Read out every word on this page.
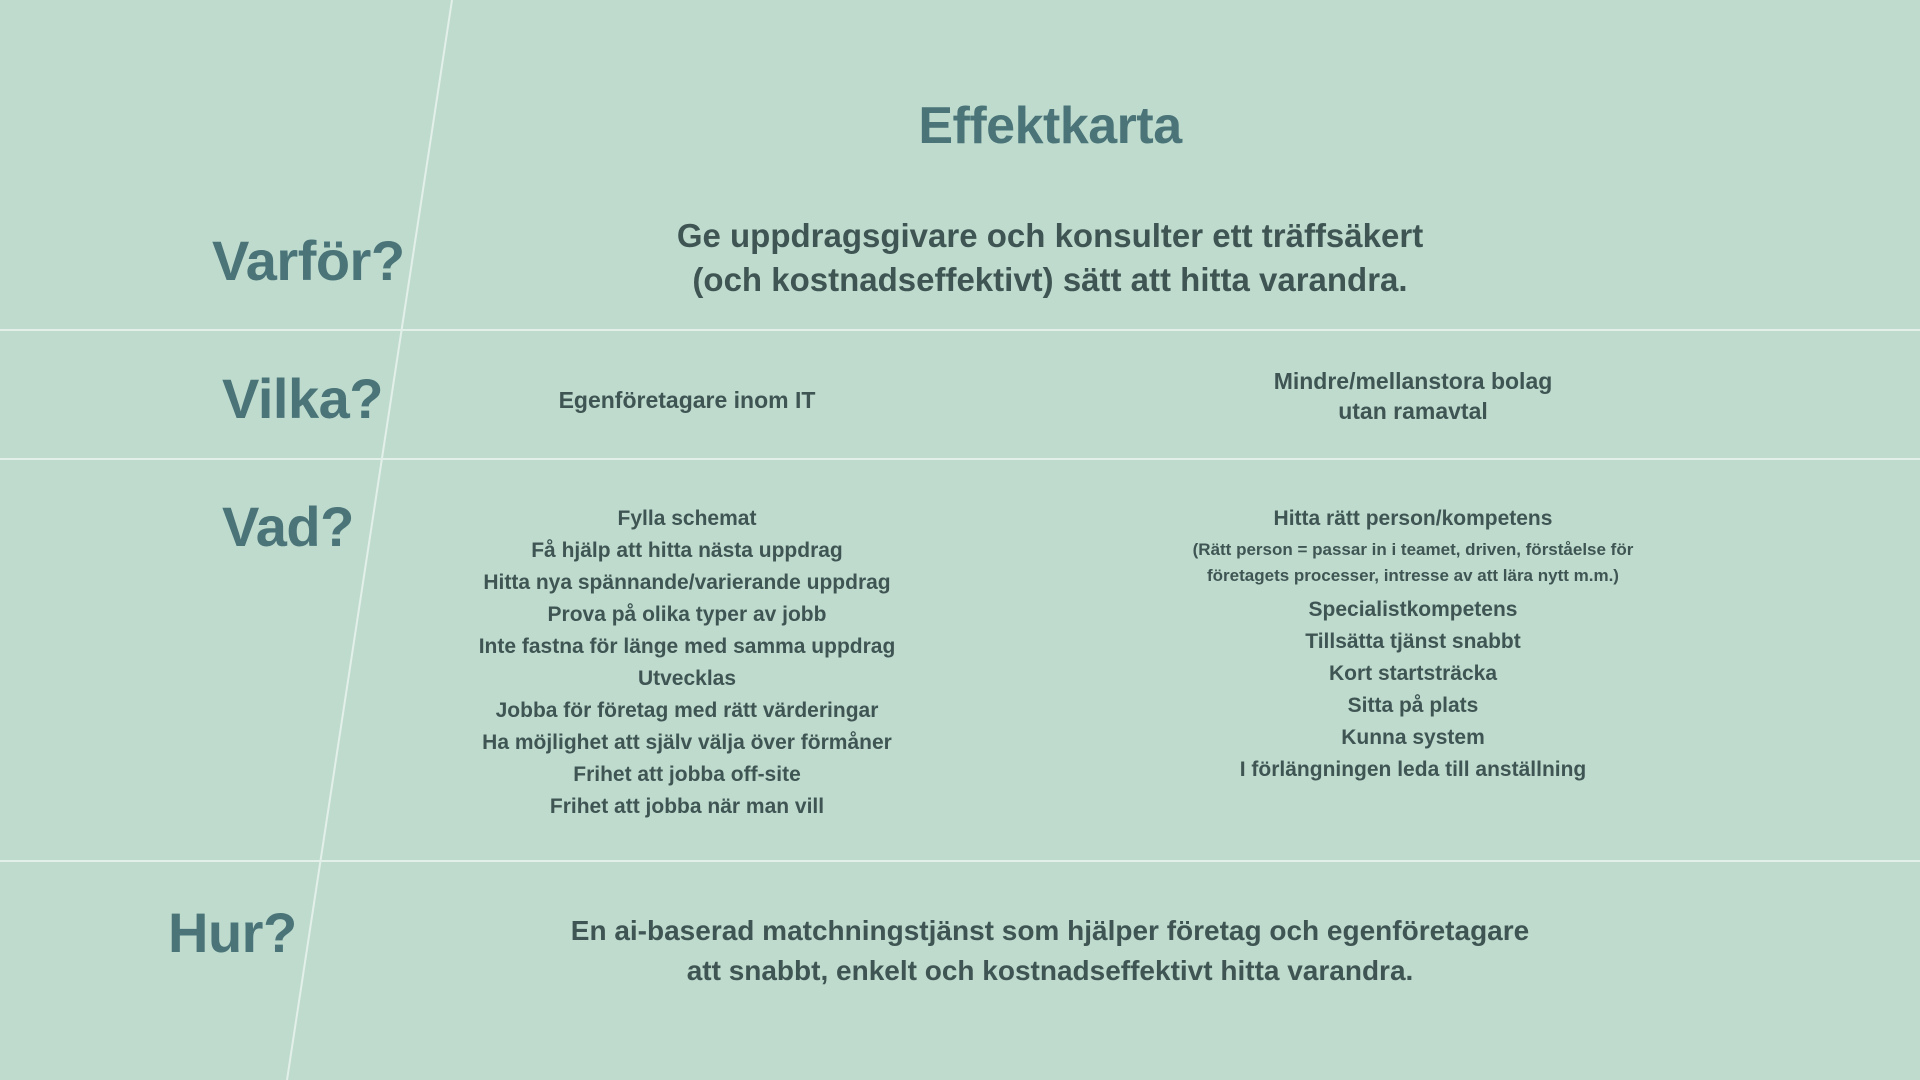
Effektkarta
Varför?
Vilka?
Vad?
Hur?
Ge uppdragsgivare och konsulter ett träffsäkert
(och kostnadseffektivt) sätt att hitta varandra.
Egenföretagare inom IT
Mindre/mellanstora bolag
utan ramavtal
Fylla schemat
Få hjälp att hitta nästa uppdrag
Hitta nya spännande/varierande uppdrag
Prova på olika typer av jobb
Inte fastna för länge med samma uppdrag
Utvecklas
Jobba för företag med rätt värderingar
Ha möjlighet att själv välja över förmåner
Frihet att jobba off-site
Frihet att jobba när man vill
Hitta rätt person/kompetens
(Rätt person = passar in i teamet, driven, förståelse för
företagets processer, intresse av att lära nytt m.m.)
Specialistkompetens
Tillsätta tjänst snabbt
Kort startsträcka
Sitta på plats
Kunna system
I förlängningen leda till anställning
En ai-baserad matchningstjänst som hjälper företag och egenföretagare
att snabbt, enkelt och kostnadseffektivt hitta varandra.
